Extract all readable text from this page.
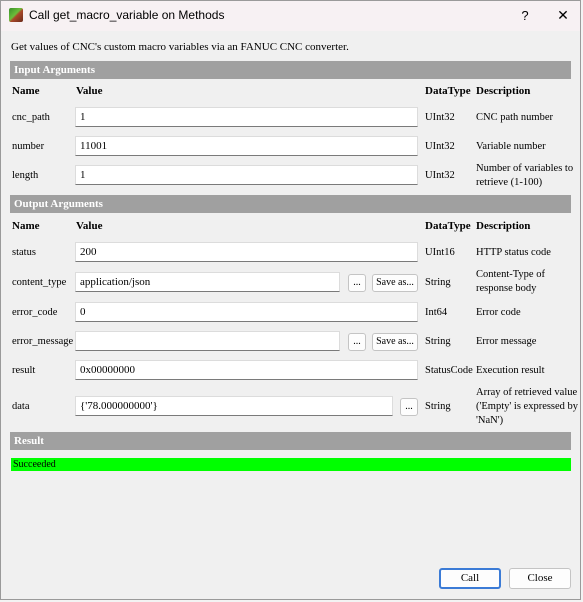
Call get_macro_variable on Methods	?	✕
Get values of CNC's custom macro variables via an FANUC CNC converter.
Input Arguments
Name	Value	DataType Description
cnc_path	1	UInt32 CNC path number
number	11001	UInt32 Variable number
length	1	UInt32
Number of variables to
retrieve (1-100)
Output Arguments
Name	Value	DataType Description
status	200	UInt16 HTTP status code
content_type	application/json	...	Save as...	String
Content-Type of
response body
error_code	0	Int64	Error code
error_message	...	Save as...	String Error message
result	0x00000000	StatusCode Execution result
data	{'78.000000000'}	...	String
Array of retrieved value
('Empty' is expressed by
'NaN')
Result
Succeeded
Call	Close
